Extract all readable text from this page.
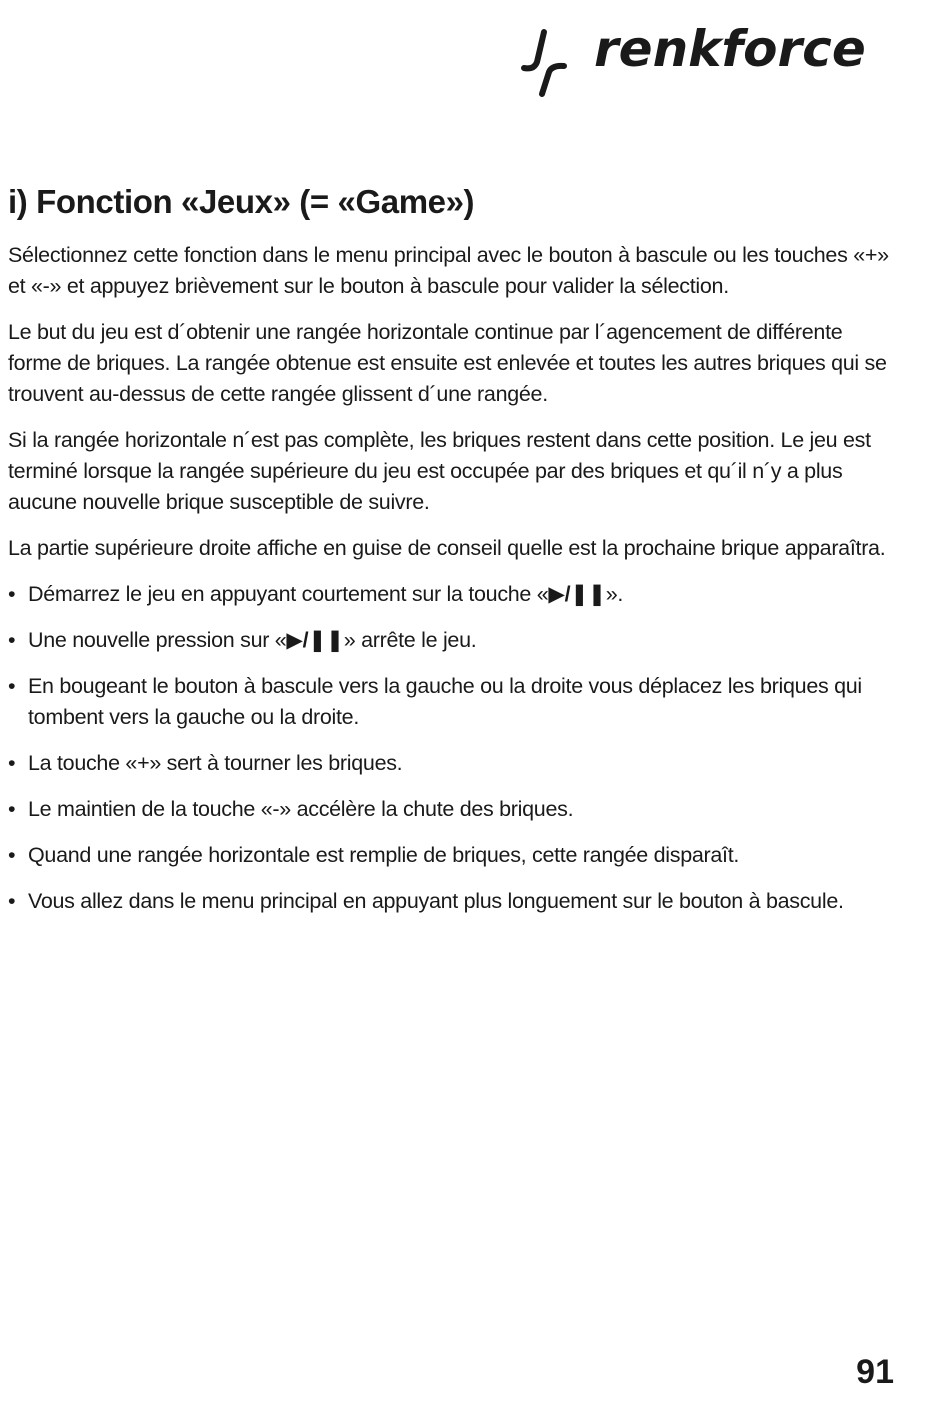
renkforce
i) Fonction «Jeux» (= «Game»)

Sélectionnez cette fonction dans le menu principal avec le bouton à bascule ou les touches «+» et «-» et appuyez brièvement sur le bouton à bascule pour valider la sélection.

Le but du jeu est d´obtenir une rangée horizontale continue par l´agencement de différente forme de briques. La rangée obtenue est ensuite est enlevée et toutes les autres briques qui se trouvent au-dessus de cette rangée glissent d´une rangée.

Si la rangée horizontale n´est pas complète, les briques restent dans cette position. Le jeu est terminé lorsque la rangée supérieure du jeu est occupée par des briques et qu´il n´y a plus aucune nouvelle brique susceptible de suivre.

La partie supérieure droite affiche en guise de conseil quelle est la prochaine brique apparaîtra.

• Démarrez le jeu en appuyant courtement sur la touche «▶/❚❚».
• Une nouvelle pression sur «▶/❚❚» arrête le jeu.
• En bougeant le bouton à bascule vers la gauche ou la droite vous déplacez les briques qui tombent vers la gauche ou la droite.
• La touche «+» sert à tourner les briques.
• Le maintien de la touche «-» accélère la chute des briques.
• Quand une rangée horizontale est remplie de briques, cette rangée disparaît.
• Vous allez dans le menu principal en appuyant plus longuement sur le bouton à bascule.
91
